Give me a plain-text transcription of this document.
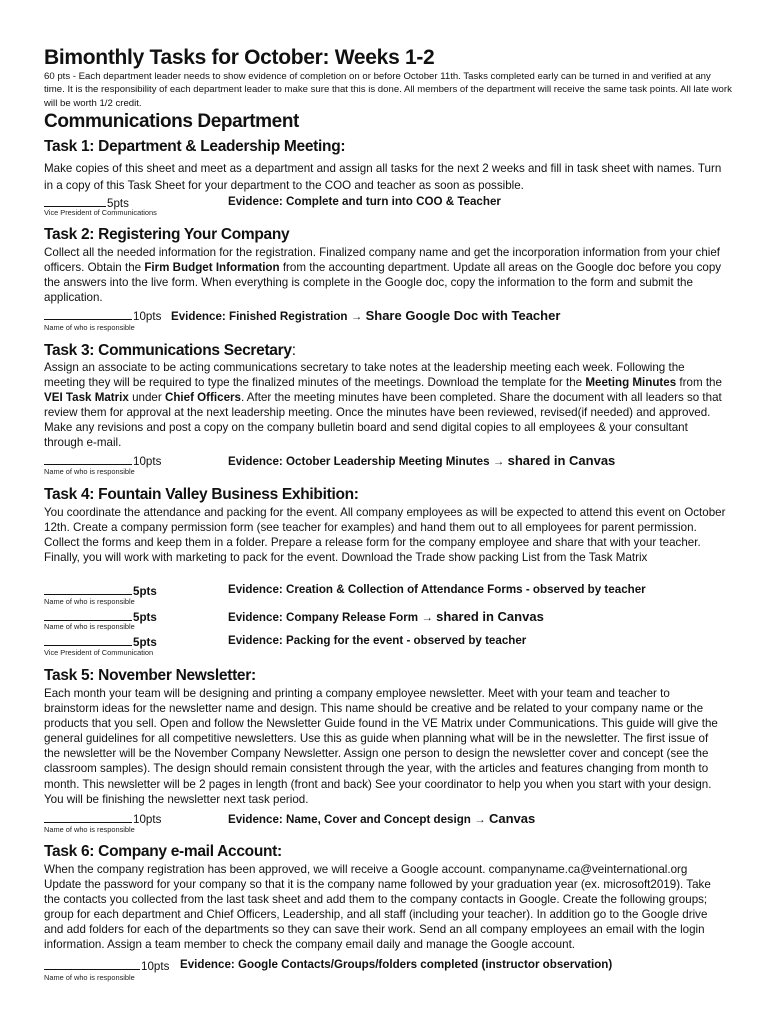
Bimonthly Tasks for October: Weeks 1-2
60 pts - Each department leader needs to show evidence of completion on or before October 11th. Tasks completed early can be turned in and verified at any time. It is the responsibility of each department leader to make sure that this is done. All members of the department will receive the same task points. All late work will be worth 1/2 credit.
Communications Department
Task 1: Department & Leadership Meeting:
Make copies of this sheet and meet as a department and assign all tasks for the next 2 weeks and fill in task sheet with names. Turn in a copy of this Task Sheet for your department to the COO and teacher as soon as possible.
5pts	Evidence: Complete and turn into COO & Teacher
Vice President of Communications
Task 2: Registering Your Company
Collect all the needed information for the registration. Finalized company name and get the incorporation information from your chief officers. Obtain the Firm Budget Information from the accounting department. Update all areas on the Google doc before you copy the answers into the live form. When everything is complete in the Google doc, copy the information to the form and submit the application.
10pts Evidence: Finished Registration → Share Google Doc with Teacher
Name of who is responsible
Task 3: Communications Secretary:
Assign an associate to be acting communications secretary to take notes at the leadership meeting each week. Following the meeting they will be required to type the finalized minutes of the meetings. Download the template for the Meeting Minutes from the VEI Task Matrix under Chief Officers. After the meeting minutes have been completed. Share the document with all leaders so that review them for approval at the next leadership meeting. Once the minutes have been reviewed, revised(if needed) and approved. Make any revisions and post a copy on the company bulletin board and send digital copies to all employees & your consultant through e-mail.
10pts	Evidence: October Leadership Meeting Minutes → shared in Canvas
Name of who is responsible
Task 4: Fountain Valley Business Exhibition:
You coordinate the attendance and packing for the event. All company employees as will be expected to attend this event on October 12th. Create a company permission form (see teacher for examples) and hand them out to all employees for parent permission. Collect the forms and keep them in a folder. Prepare a release form for the company employee and share that with your teacher. Finally, you will work with marketing to pack for the event. Download the Trade show packing List from the Task Matrix
5pts	Evidence: Creation & Collection of Attendance Forms - observed by teacher
Name of who is responsible
5pts	Evidence: Company Release Form → shared in Canvas
Name of who is responsible
5pts	Evidence: Packing for the event - observed by teacher
Vice President of Communication
Task 5: November Newsletter:
Each month your team will be designing and printing a company employee newsletter. Meet with your team and teacher to brainstorm ideas for the newsletter name and design. This name should be creative and be related to your company name or the products that you sell. Open and follow the Newsletter Guide found in the VE Matrix under Communications. This guide will give the general guidelines for all competitive newsletters. Use this as guide when planning what will be in the newsletter. The first issue of the newsletter will be the November Company Newsletter. Assign one person to design the newsletter cover and concept (see the classroom samples). The design should remain consistent through the year, with the articles and features changing from month to month. This newsletter will be 2 pages in length (front and back) See your coordinator to help you when you start with your design. You will be finishing the newsletter next task period.
10pts	Evidence: Name, Cover and Concept design → Canvas
Name of who is responsible
Task 6: Company e-mail Account:
When the company registration has been approved, we will receive a Google account. companyname.ca@veinternational.org Update the password for your company so that it is the company name followed by your graduation year (ex. microsoft2019). Take the contacts you collected from the last task sheet and add them to the company contacts in Google. Create the following groups; group for each department and Chief Officers, Leadership, and all staff (including your teacher). In addition go to the Google drive and add folders for each of the departments so they can save their work. Send an all company employees an email with the login information. Assign a team member to check the company email daily and manage the Google account.
10pts Evidence: Google Contacts/Groups/folders completed (instructor observation)
Name of who is responsible
